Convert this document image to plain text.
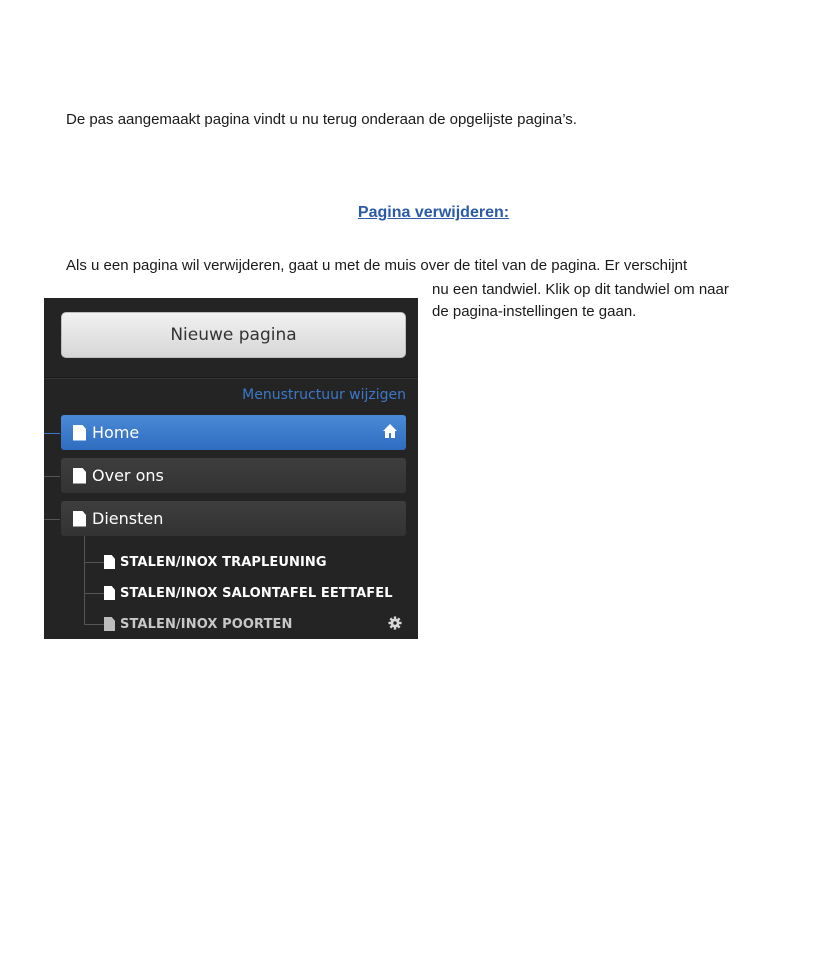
De pas aangemaakt pagina vindt u nu terug onderaan de opgelijste pagina’s.

Pagina verwijderen:

Als u een pagina wil verwijderen, gaat u met de muis over de titel van de pagina. Er verschijnt

nu een tandwiel. Klik op dit tandwiel om naar
de pagina-instellingen te gaan.

Nieuwe pagina
Menustructuur wijzigen
Home
Over ons
Diensten
STALEN/INOX TRAPLEUNING
STALEN/INOX SALONTAFEL EETTAFEL
STALEN/INOX POORTEN
